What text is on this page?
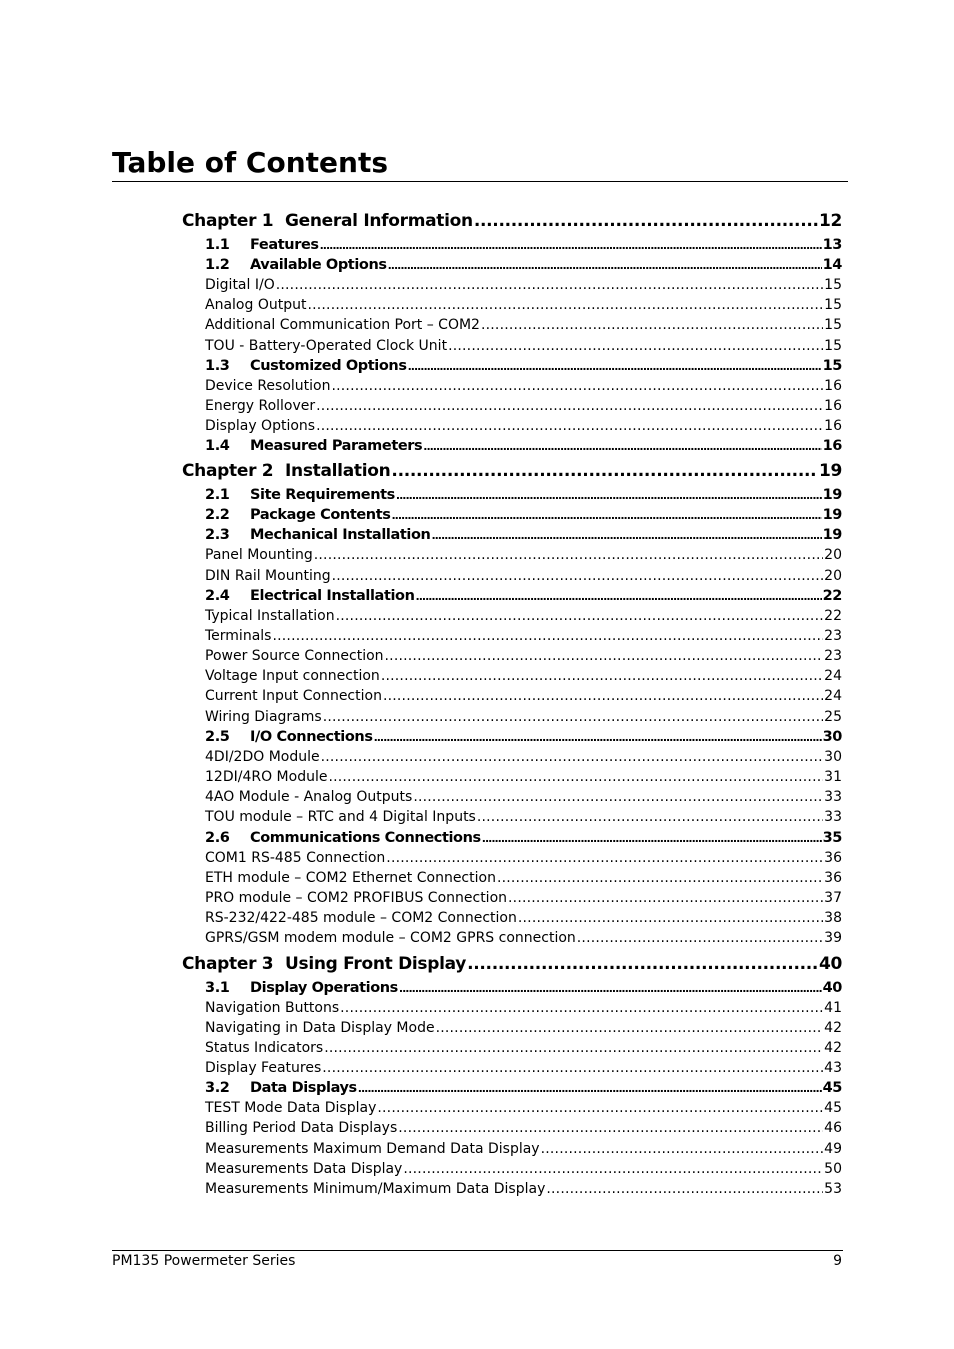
Table of Contents
Chapter 1 General Information .....	12
1.1 Features .....	13
1.2 Available Options .....	14
Digital I/O .....	15
Analog Output .....	15
Additional Communication Port – COM2 .....	15
TOU - Battery-Operated Clock Unit .....	15
1.3 Customized Options .....	15
Device Resolution .....	16
Energy Rollover .....	16
Display Options .....	16
1.4 Measured Parameters .....	16
Chapter 2 Installation .....	19
2.1 Site Requirements .....	19
2.2 Package Contents .....	19
2.3 Mechanical Installation .....	19
Panel Mounting .....	20
DIN Rail Mounting .....	20
2.4 Electrical Installation .....	22
Typical Installation .....	22
Terminals .....	23
Power Source Connection .....	23
Voltage Input connection .....	24
Current Input Connection .....	24
Wiring Diagrams .....	25
2.5 I/O Connections .....	30
4DI/2DO Module .....	30
12DI/4RO Module .....	31
4AO Module - Analog Outputs .....	33
TOU module – RTC and 4 Digital Inputs .....	33
2.6 Communications Connections .....	35
COM1 RS-485 Connection .....	36
ETH module – COM2 Ethernet Connection .....	36
PRO module – COM2 PROFIBUS Connection .....	37
RS-232/422-485 module – COM2 Connection .....	38
GPRS/GSM modem module – COM2 GPRS connection .....	39
Chapter 3 Using Front Display .....	40
3.1 Display Operations .....	40
Navigation Buttons .....	41
Navigating in Data Display Mode .....	42
Status Indicators .....	42
Display Features .....	43
3.2 Data Displays .....	45
TEST Mode Data Display .....	45
Billing Period Data Displays .....	46
Measurements Maximum Demand Data Display .....	49
Measurements Data Display .....	50
Measurements Minimum/Maximum Data Display .....	53
PM135 Powermeter Series	9
